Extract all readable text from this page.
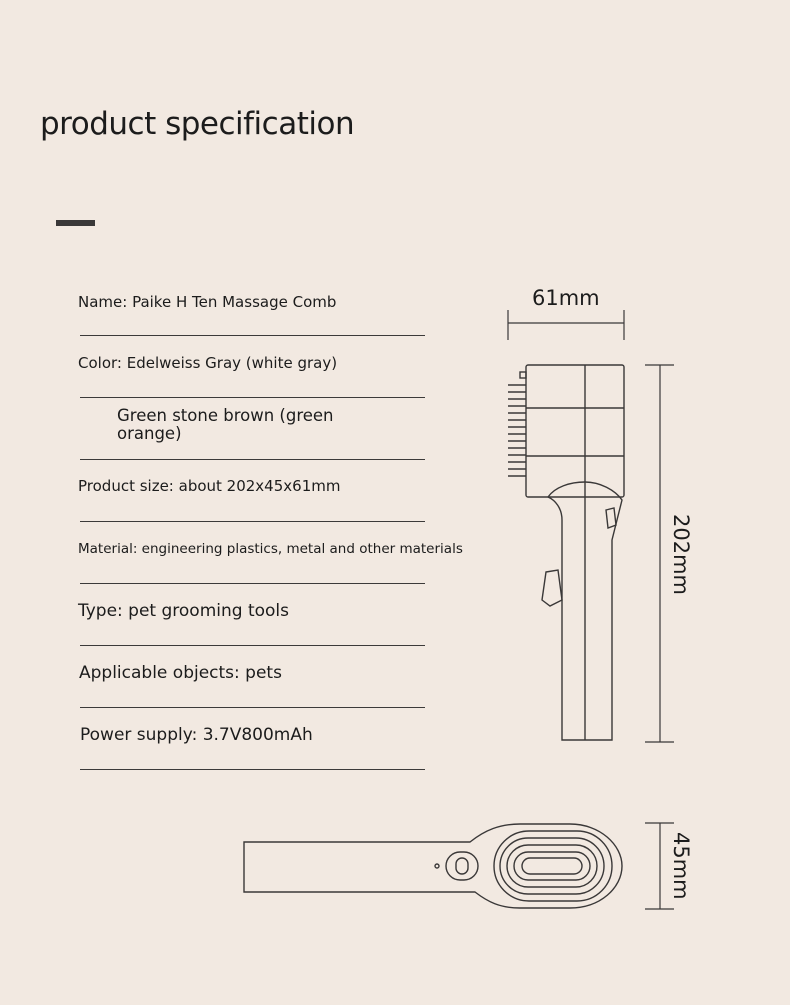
product specification
Name: Paike H Ten Massage Comb
Color: Edelweiss Gray (white gray)
Green stone brown (green orange)
Product size: about 202x45x61mm
Material: engineering plastics, metal and other materials
Type: pet grooming tools
Applicable objects: pets
Power supply: 3.7V800mAh
61mm
202mm
45mm
